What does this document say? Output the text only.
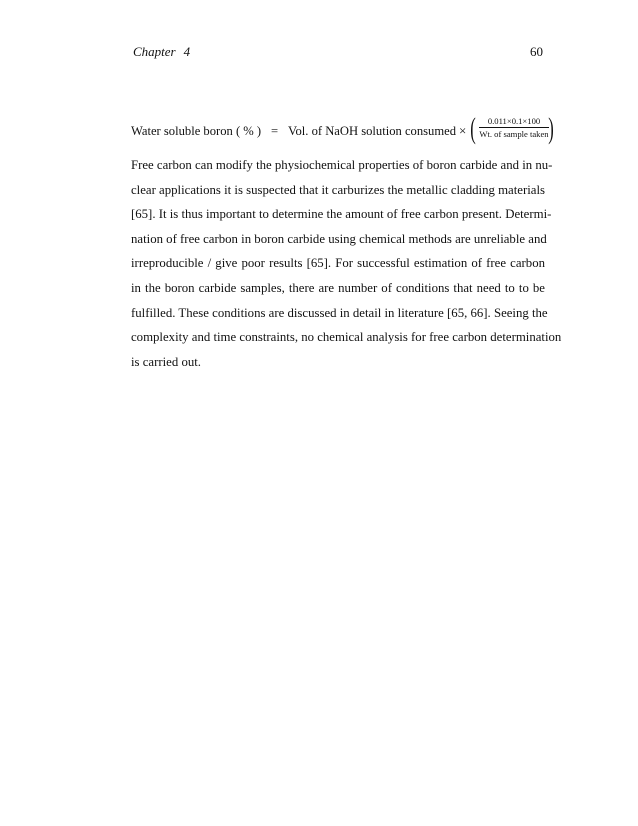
Chapter 4	60
Water soluble boron ( % ) = Vol. of NaOH solution consumed × (	0.011×0.1×100
Wt. of sample taken )
Free carbon can modify the physiochemical properties of boron carbide and in nu-
clear applications it is suspected that it carburizes the metallic cladding materials
[65]. It is thus important to determine the amount of free carbon present. Determi-
nation of free carbon in boron carbide using chemical methods are unreliable and
irreproducible / give poor results [65]. For successful estimation of free carbon
in the boron carbide samples, there are number of conditions that need to to be
fulfilled. These conditions are discussed in detail in literature [65, 66]. Seeing the
complexity and time constraints, no chemical analysis for free carbon determination
is carried out.
